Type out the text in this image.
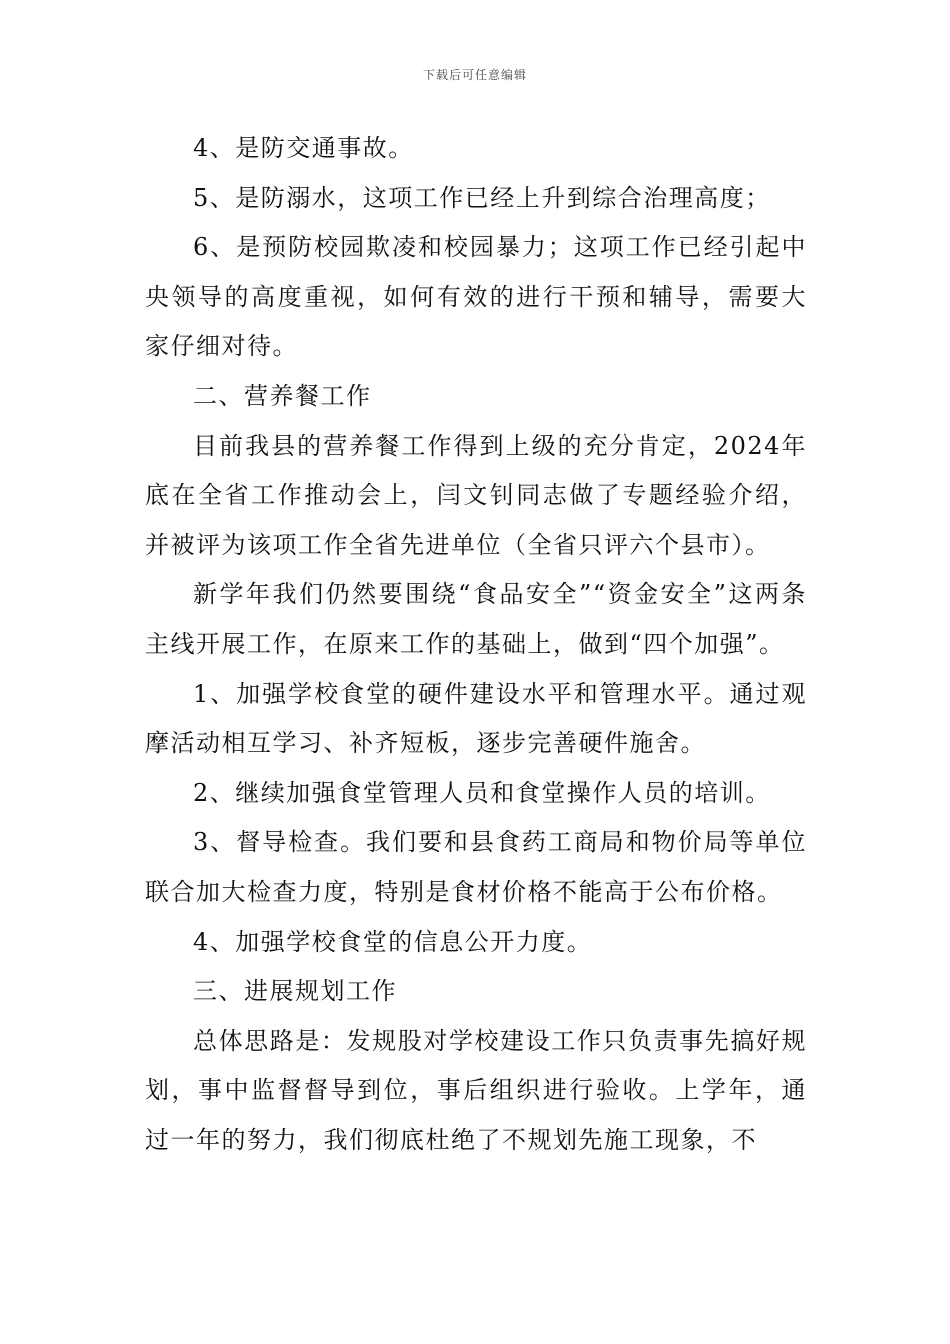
下载后可任意编辑

4、是防交通事故。

5、是防溺水，这项工作已经上升到综合治理高度；

6、是预防校园欺凌和校园暴力；这项工作已经引起中央领导的高度重视，如何有效的进行干预和辅导，需要大家仔细对待。

二、营养餐工作

目前我县的营养餐工作得到上级的充分肯定，2024年底在全省工作推动会上，闫文钊同志做了专题经验介绍，并被评为该项工作全省先进单位（全省只评六个县市）。

新学年我们仍然要围绕“食品安全”“资金安全”这两条主线开展工作，在原来工作的基础上，做到“四个加强”。

1、加强学校食堂的硬件建设水平和管理水平。通过观摩活动相互学习、补齐短板，逐步完善硬件施舍。

2、继续加强食堂管理人员和食堂操作人员的培训。

3、督导检查。我们要和县食药工商局和物价局等单位联合加大检查力度，特别是食材价格不能高于公布价格。

4、加强学校食堂的信息公开力度。

三、进展规划工作

总体思路是：发规股对学校建设工作只负责事先搞好规划，事中监督督导到位，事后组织进行验收。上学年，通过一年的努力，我们彻底杜绝了不规划先施工现象，不
